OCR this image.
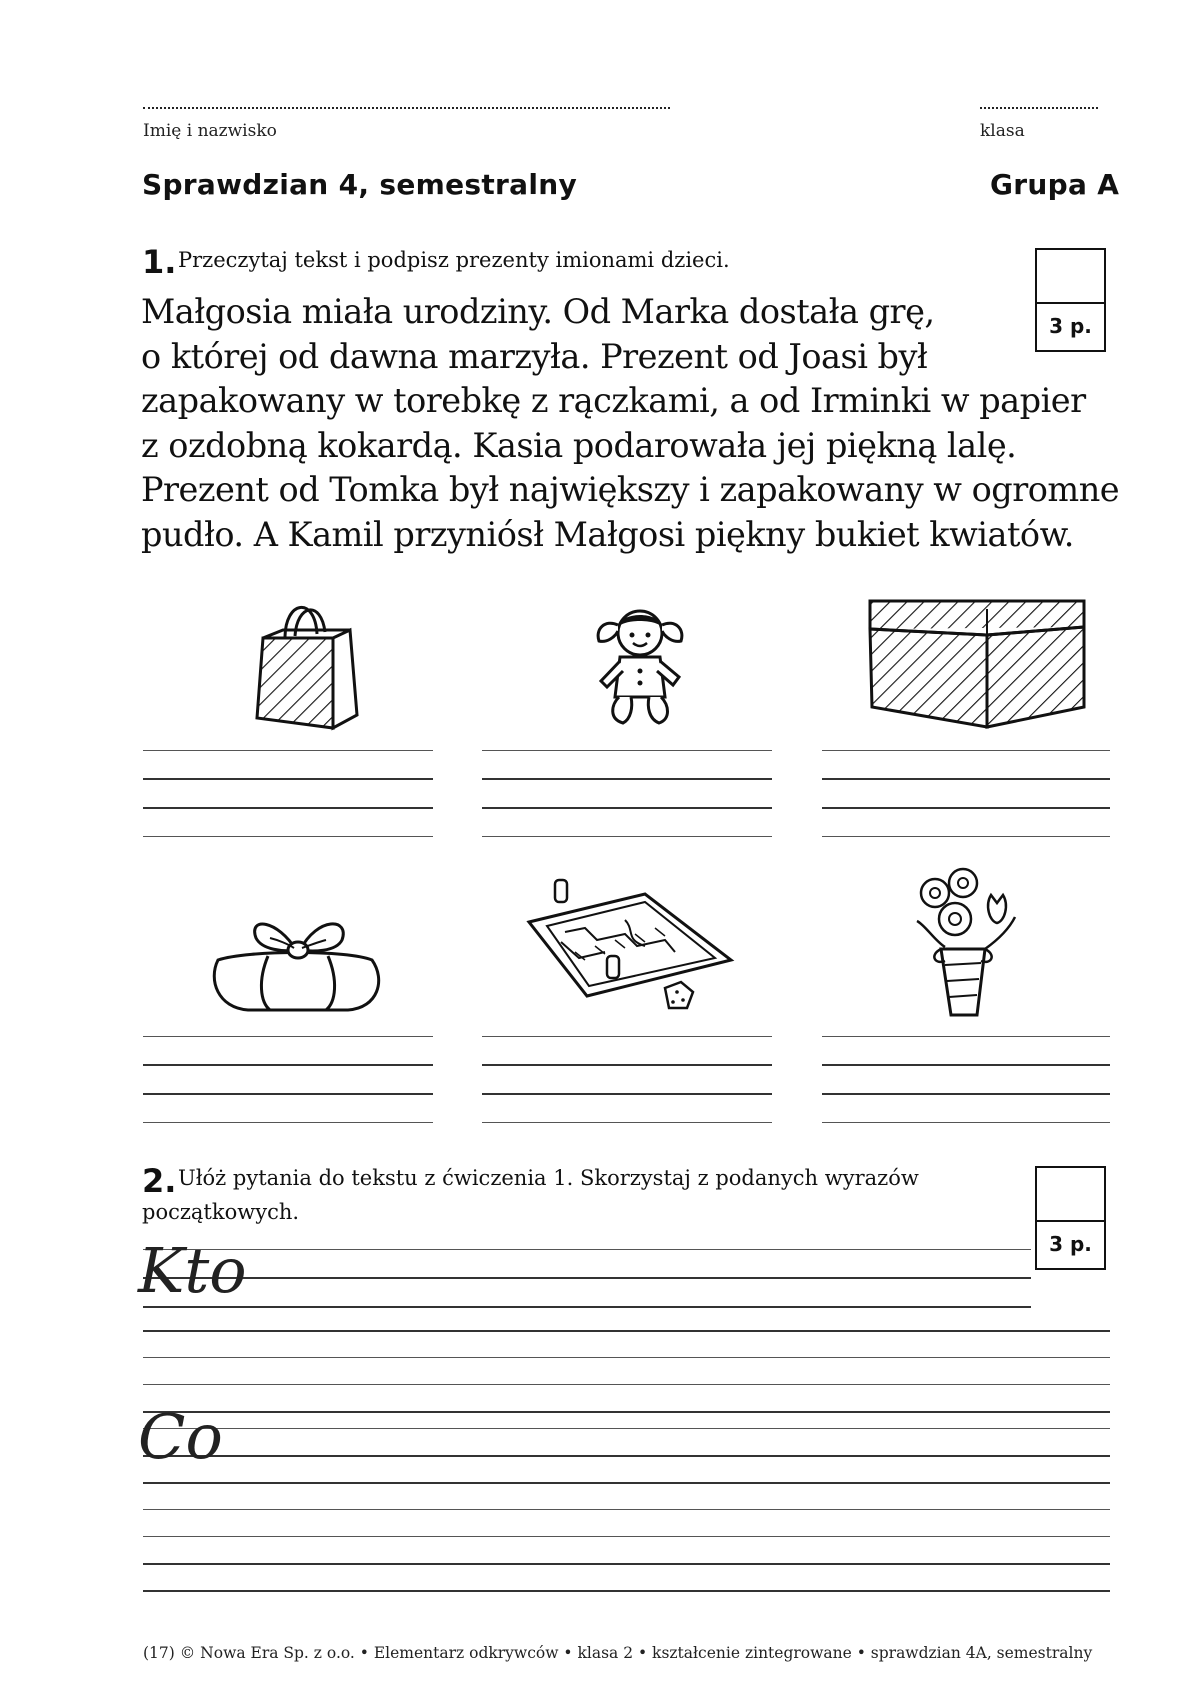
Imię i nazwisko	klasa
Sprawdzian 4, semestralny	Grupa A
1. Przeczytaj tekst i podpisz prezenty imionami dzieci.
3 p.
Małgosia miała urodziny. Od Marka dostała grę,
o której od dawna marzyła. Prezent od Joasi był
zapakowany w torebkę z rączkami, a od Irminki w papier
z ozdobną kokardą. Kasia podarowała jej piękną lalę.
Prezent od Tomka był największy i zapakowany w ogromne
pudło. A Kamil przyniósł Małgosi piękny bukiet kwiatów.
2. Ułóż pytania do tekstu z ćwiczenia 1. Skorzystaj z podanych wyrazów
początkowych.
3 p.
Kto
Co
(17) © Nowa Era Sp. z o.o. • Elementarz odkrywców • klasa 2 • kształcenie zintegrowane • sprawdzian 4A, semestralny
